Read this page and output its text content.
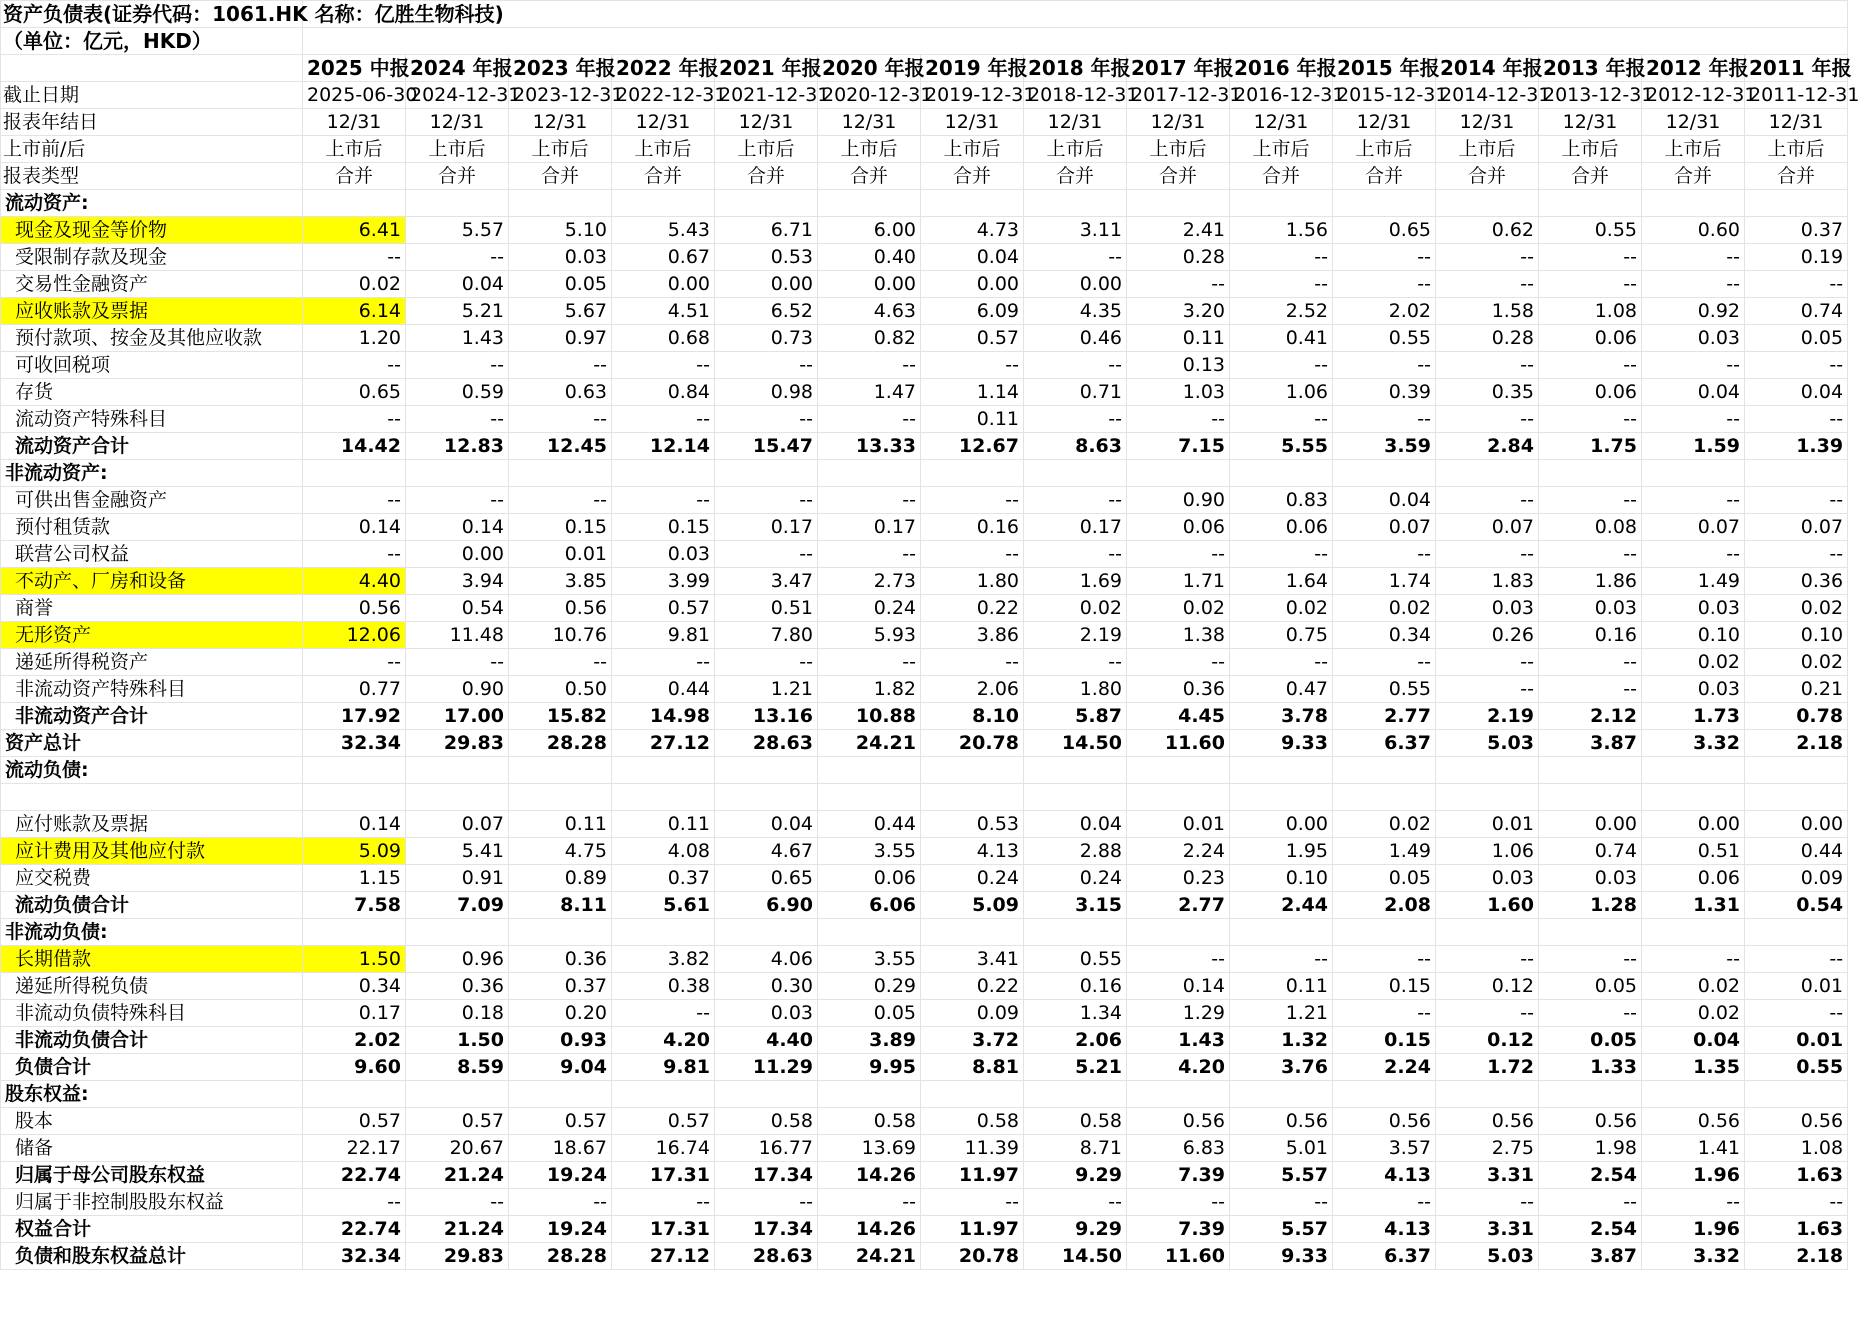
资产负债表(证券代码：1061.HK 名称：亿胜生物科技)															
（单位：亿元，HKD）															
	2025 中报	2024 年报	2023 年报	2022 年报	2021 年报	2020 年报	2019 年报	2018 年报	2017 年报	2016 年报	2015 年报	2014 年报	2013 年报	2012 年报	2011 年报
截止日期	2025-06-30	2024-12-31	2023-12-31	2022-12-31	2021-12-31	2020-12-31	2019-12-31	2018-12-31	2017-12-31	2016-12-31	2015-12-31	2014-12-31	2013-12-31	2012-12-31	2011-12-31
报表年结日	12/31	12/31	12/31	12/31	12/31	12/31	12/31	12/31	12/31	12/31	12/31	12/31	12/31	12/31	12/31
上市前/后	上市后	上市后	上市后	上市后	上市后	上市后	上市后	上市后	上市后	上市后	上市后	上市后	上市后	上市后	上市后
报表类型	合并	合并	合并	合并	合并	合并	合并	合并	合并	合并	合并	合并	合并	合并	合并
流动资产:															
现金及现金等价物	6.41	5.57	5.10	5.43	6.71	6.00	4.73	3.11	2.41	1.56	0.65	0.62	0.55	0.60	0.37
受限制存款及现金	--	--	0.03	0.67	0.53	0.40	0.04	--	0.28	--	--	--	--	--	0.19
交易性金融资产	0.02	0.04	0.05	0.00	0.00	0.00	0.00	0.00	--	--	--	--	--	--	--
应收账款及票据	6.14	5.21	5.67	4.51	6.52	4.63	6.09	4.35	3.20	2.52	2.02	1.58	1.08	0.92	0.74
预付款项、按金及其他应收款	1.20	1.43	0.97	0.68	0.73	0.82	0.57	0.46	0.11	0.41	0.55	0.28	0.06	0.03	0.05
可收回税项	--	--	--	--	--	--	--	--	0.13	--	--	--	--	--	--
存货	0.65	0.59	0.63	0.84	0.98	1.47	1.14	0.71	1.03	1.06	0.39	0.35	0.06	0.04	0.04
流动资产特殊科目	--	--	--	--	--	--	0.11	--	--	--	--	--	--	--	--
流动资产合计	14.42	12.83	12.45	12.14	15.47	13.33	12.67	8.63	7.15	5.55	3.59	2.84	1.75	1.59	1.39
非流动资产:															
可供出售金融资产	--	--	--	--	--	--	--	--	0.90	0.83	0.04	--	--	--	--
预付租赁款	0.14	0.14	0.15	0.15	0.17	0.17	0.16	0.17	0.06	0.06	0.07	0.07	0.08	0.07	0.07
联营公司权益	--	0.00	0.01	0.03	--	--	--	--	--	--	--	--	--	--	--
不动产、厂房和设备	4.40	3.94	3.85	3.99	3.47	2.73	1.80	1.69	1.71	1.64	1.74	1.83	1.86	1.49	0.36
商誉	0.56	0.54	0.56	0.57	0.51	0.24	0.22	0.02	0.02	0.02	0.02	0.03	0.03	0.03	0.02
无形资产	12.06	11.48	10.76	9.81	7.80	5.93	3.86	2.19	1.38	0.75	0.34	0.26	0.16	0.10	0.10
递延所得税资产	--	--	--	--	--	--	--	--	--	--	--	--	--	0.02	0.02
非流动资产特殊科目	0.77	0.90	0.50	0.44	1.21	1.82	2.06	1.80	0.36	0.47	0.55	--	--	0.03	0.21
非流动资产合计	17.92	17.00	15.82	14.98	13.16	10.88	8.10	5.87	4.45	3.78	2.77	2.19	2.12	1.73	0.78
资产总计	32.34	29.83	28.28	27.12	28.63	24.21	20.78	14.50	11.60	9.33	6.37	5.03	3.87	3.32	2.18
流动负债:															

应付账款及票据	0.14	0.07	0.11	0.11	0.04	0.44	0.53	0.04	0.01	0.00	0.02	0.01	0.00	0.00	0.00
应计费用及其他应付款	5.09	5.41	4.75	4.08	4.67	3.55	4.13	2.88	2.24	1.95	1.49	1.06	0.74	0.51	0.44
应交税费	1.15	0.91	0.89	0.37	0.65	0.06	0.24	0.24	0.23	0.10	0.05	0.03	0.03	0.06	0.09
流动负债合计	7.58	7.09	8.11	5.61	6.90	6.06	5.09	3.15	2.77	2.44	2.08	1.60	1.28	1.31	0.54
非流动负债:															
长期借款	1.50	0.96	0.36	3.82	4.06	3.55	3.41	0.55	--	--	--	--	--	--	--
递延所得税负债	0.34	0.36	0.37	0.38	0.30	0.29	0.22	0.16	0.14	0.11	0.15	0.12	0.05	0.02	0.01
非流动负债特殊科目	0.17	0.18	0.20	--	0.03	0.05	0.09	1.34	1.29	1.21	--	--	--	0.02	--
非流动负债合计	2.02	1.50	0.93	4.20	4.40	3.89	3.72	2.06	1.43	1.32	0.15	0.12	0.05	0.04	0.01
负债合计	9.60	8.59	9.04	9.81	11.29	9.95	8.81	5.21	4.20	3.76	2.24	1.72	1.33	1.35	0.55
股东权益:															
股本	0.57	0.57	0.57	0.57	0.58	0.58	0.58	0.58	0.56	0.56	0.56	0.56	0.56	0.56	0.56
储备	22.17	20.67	18.67	16.74	16.77	13.69	11.39	8.71	6.83	5.01	3.57	2.75	1.98	1.41	1.08
归属于母公司股东权益	22.74	21.24	19.24	17.31	17.34	14.26	11.97	9.29	7.39	5.57	4.13	3.31	2.54	1.96	1.63
归属于非控制股股东权益	--	--	--	--	--	--	--	--	--	--	--	--	--	--	--
权益合计	22.74	21.24	19.24	17.31	17.34	14.26	11.97	9.29	7.39	5.57	4.13	3.31	2.54	1.96	1.63
负债和股东权益总计	32.34	29.83	28.28	27.12	28.63	24.21	20.78	14.50	11.60	9.33	6.37	5.03	3.87	3.32	2.18
